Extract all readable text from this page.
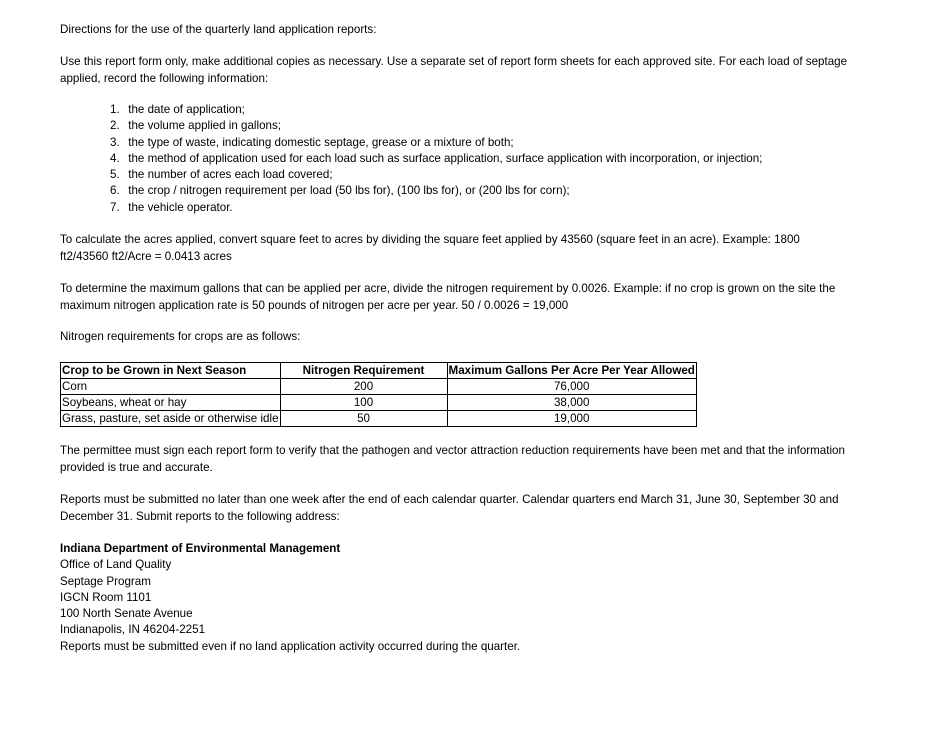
Directions for the use of the quarterly land application reports:

Use this report form only, make additional copies as necessary. Use a separate set of report form sheets for each approved site. For each load of septage applied, record the following information:

1. the date of application;
2. the volume applied in gallons;
3. the type of waste, indicating domestic septage, grease or a mixture of both;
4. the method of application used for each load such as surface application, surface application with incorporation, or injection;
5. the number of acres each load covered;
6. the crop / nitrogen requirement per load (50 lbs for), (100 lbs for), or (200 lbs for corn);
7. the vehicle operator.

To calculate the acres applied, convert square feet to acres by dividing the square feet applied by 43560 (square feet in an acre). Example: 1800 ft2/43560 ft2/Acre = 0.0413 acres

To determine the maximum gallons that can be applied per acre, divide the nitrogen requirement by 0.0026. Example: if no crop is grown on the site the maximum nitrogen application rate is 50 pounds of nitrogen per acre per year. 50 / 0.0026 = 19,000

Nitrogen requirements for crops are as follows:

Crop to be Grown in Next Season	Nitrogen Requirement	Maximum Gallons Per Acre Per Year Allowed
Corn	200	76,000
Soybeans, wheat or hay	100	38,000
Grass, pasture, set aside or otherwise idle	50	19,000

The permittee must sign each report form to verify that the pathogen and vector attraction reduction requirements have been met and that the information provided is true and accurate.

Reports must be submitted no later than one week after the end of each calendar quarter. Calendar quarters end March 31, June 30, September 30 and December 31. Submit reports to the following address:

Indiana Department of Environmental Management
Office of Land Quality
Septage Program
IGCN Room 1101
100 North Senate Avenue
Indianapolis, IN 46204-2251
Reports must be submitted even if no land application activity occurred during the quarter.
